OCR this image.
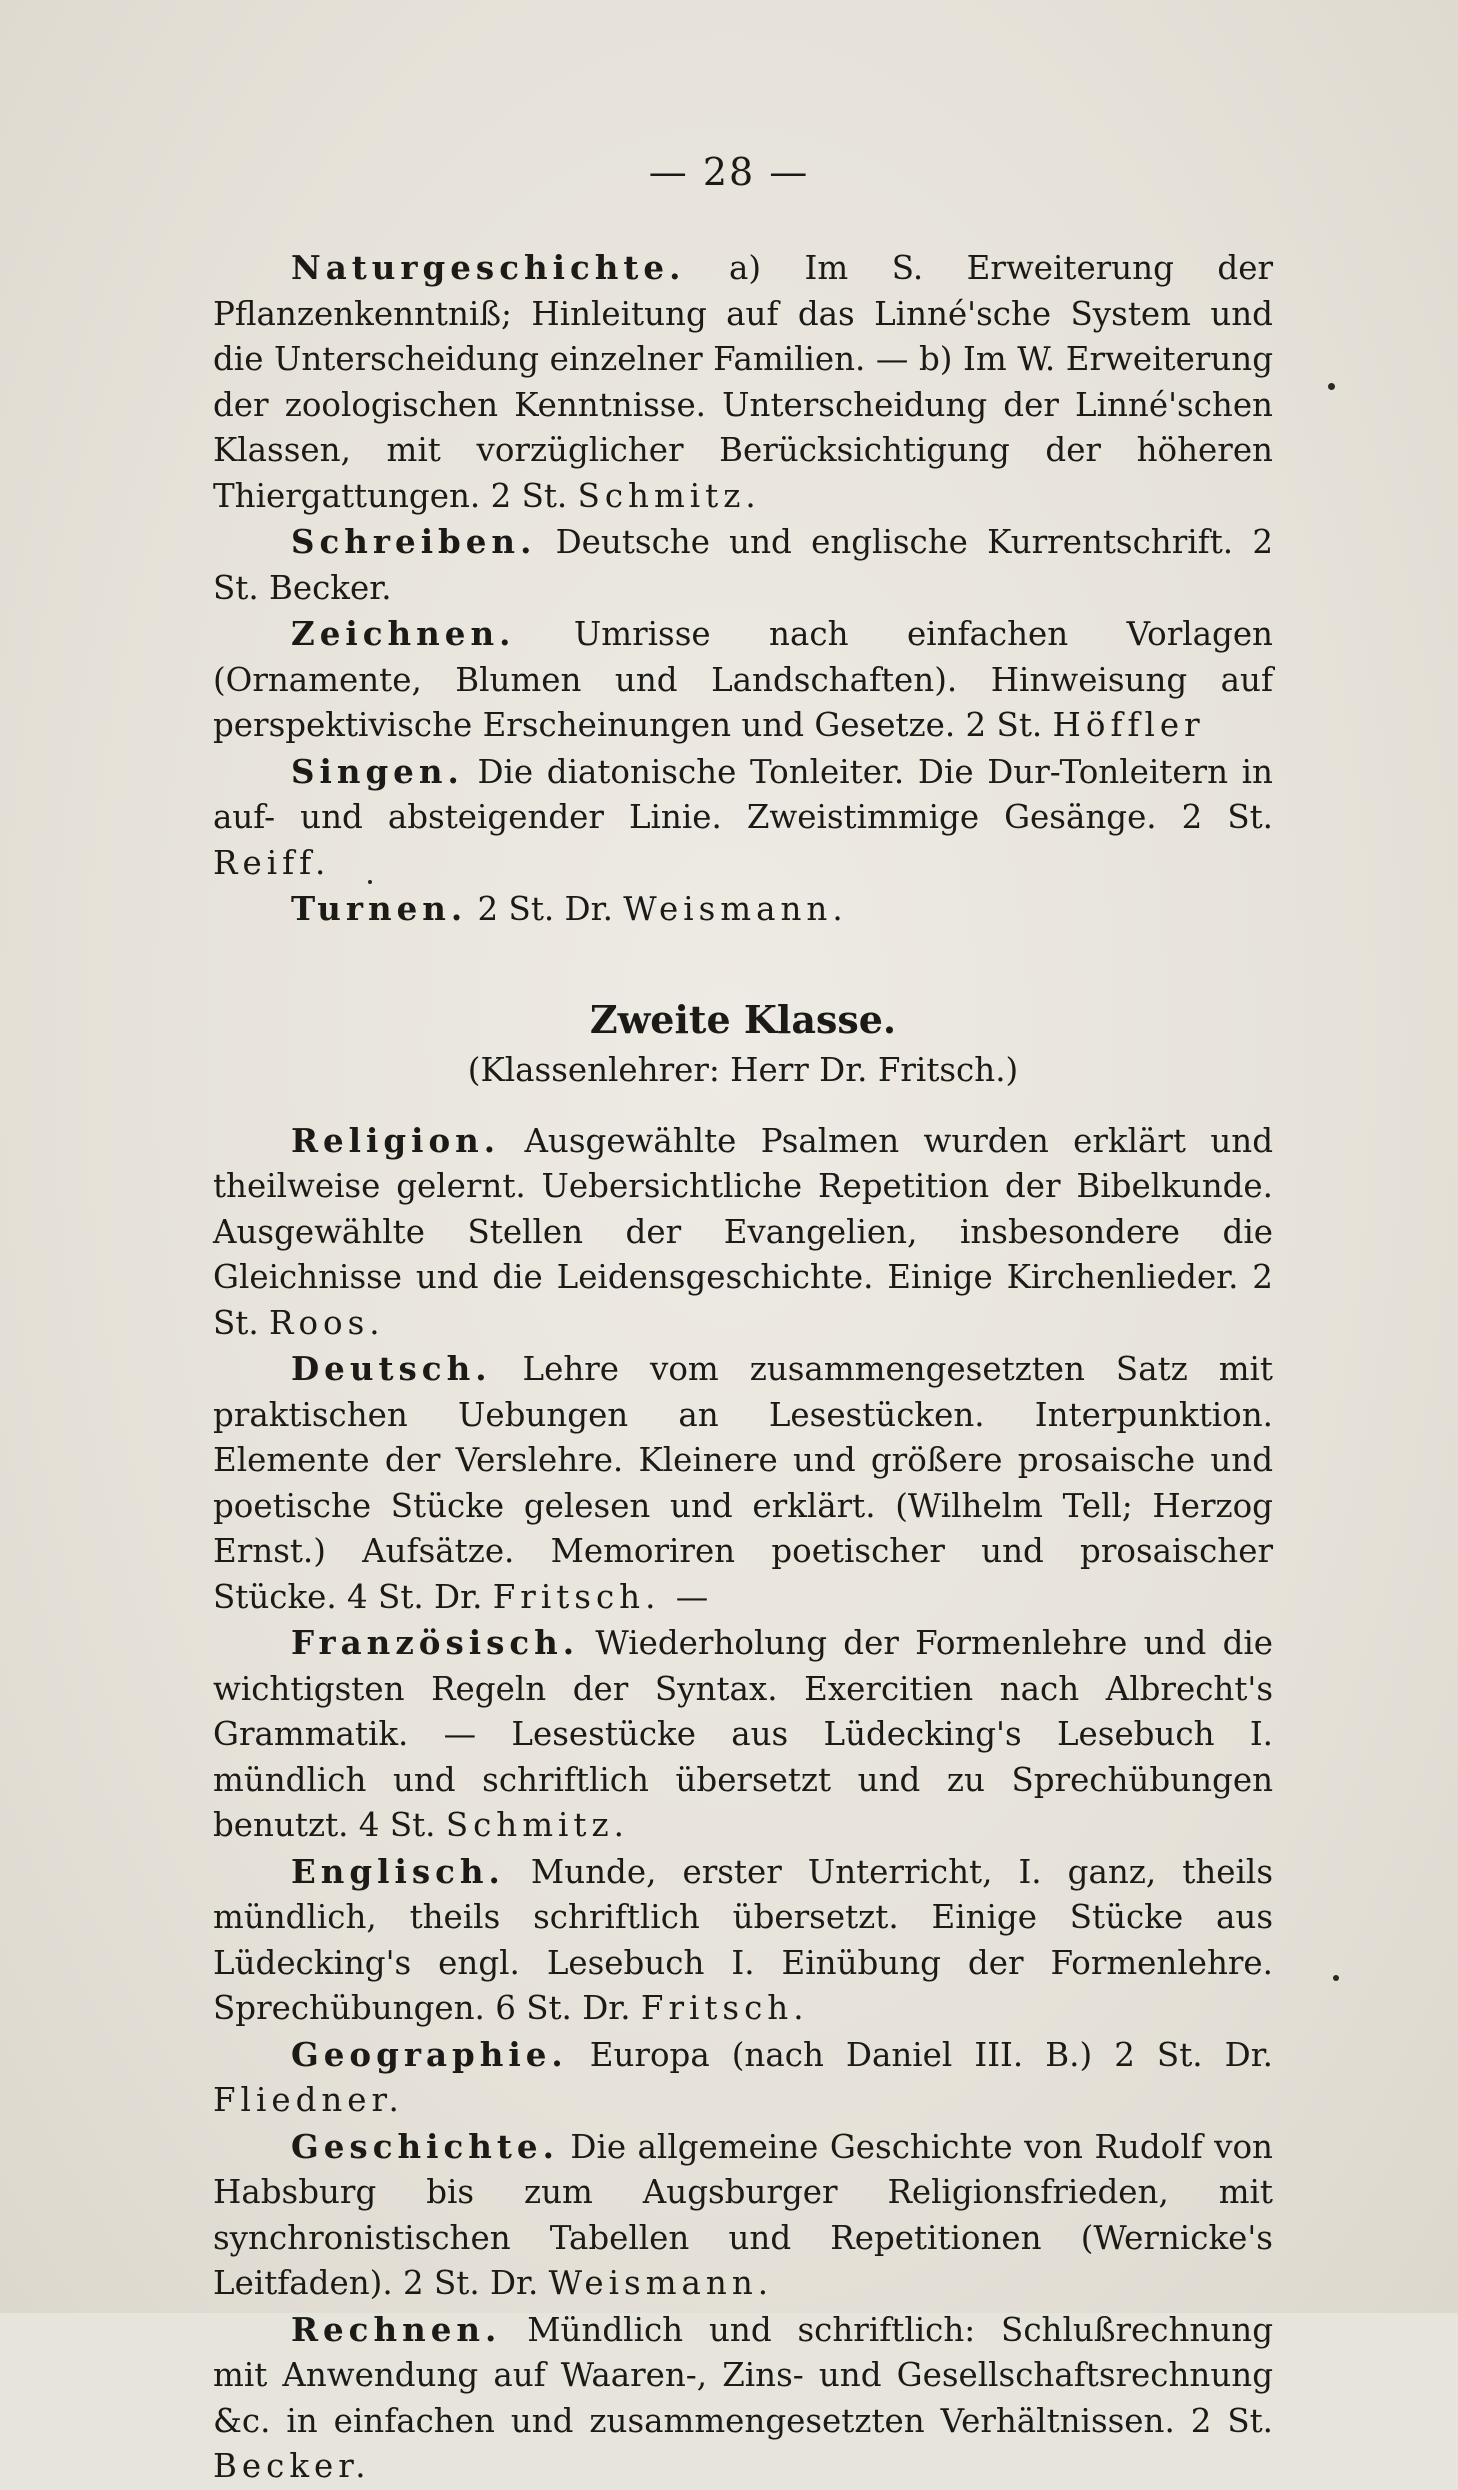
— 28 —

Naturgeschichte. a) Im S. Erweiterung der Pflanzenkenntniß; Hinleitung auf das Linné'sche System und die Unterscheidung einzelner Familien. — b) Im W. Erweiterung der zoologischen Kenntnisse. Unterscheidung der Linné'schen Klassen, mit vorzüglicher Berücksichtigung der höheren Thiergattungen. 2 St. Schmitz.

Schreiben. Deutsche und englische Kurrentschrift. 2 St. Becker.

Zeichnen. Umrisse nach einfachen Vorlagen (Ornamente, Blumen und Landschaften). Hinweisung auf perspektivische Erscheinungen und Gesetze. 2 St. Höffler

Singen. Die diatonische Tonleiter. Die Dur-Tonleitern in auf- und absteigender Linie. Zweistimmige Gesänge. 2 St. Reiff.

Turnen. 2 St. Dr. Weismann.

Zweite Klasse.

(Klassenlehrer: Herr Dr. Fritsch.)

Religion. Ausgewählte Psalmen wurden erklärt und theilweise gelernt. Uebersichtliche Repetition der Bibelkunde. Ausgewählte Stellen der Evangelien, insbesondere die Gleichnisse und die Leidensgeschichte. Einige Kirchenlieder. 2 St. Roos.

Deutsch. Lehre vom zusammengesetzten Satz mit praktischen Uebungen an Lesestücken. Interpunktion. Elemente der Verslehre. Kleinere und größere prosaische und poetische Stücke gelesen und erklärt. (Wilhelm Tell; Herzog Ernst.) Aufsätze. Memoriren poetischer und prosaischer Stücke. 4 St. Dr. Fritsch. —

Französisch. Wiederholung der Formenlehre und die wichtigsten Regeln der Syntax. Exercitien nach Albrecht's Grammatik. — Lesestücke aus Lüdecking's Lesebuch I. mündlich und schriftlich übersetzt und zu Sprechübungen benutzt. 4 St. Schmitz.

Englisch. Munde, erster Unterricht, I. ganz, theils mündlich, theils schriftlich übersetzt. Einige Stücke aus Lüdecking's engl. Lesebuch I. Einübung der Formenlehre. Sprechübungen. 6 St. Dr. Fritsch.

Geographie. Europa (nach Daniel III. B.) 2 St. Dr. Fliedner.

Geschichte. Die allgemeine Geschichte von Rudolf von Habsburg bis zum Augsburger Religionsfrieden, mit synchronistischen Tabellen und Repetitionen (Wernicke's Leitfaden). 2 St. Dr. Weismann.

Rechnen. Mündlich und schriftlich: Schlußrechnung mit Anwendung auf Waaren-, Zins- und Gesellschaftsrechnung &c. in einfachen und zusammengesetzten Verhältnissen. 2 St. Becker.
